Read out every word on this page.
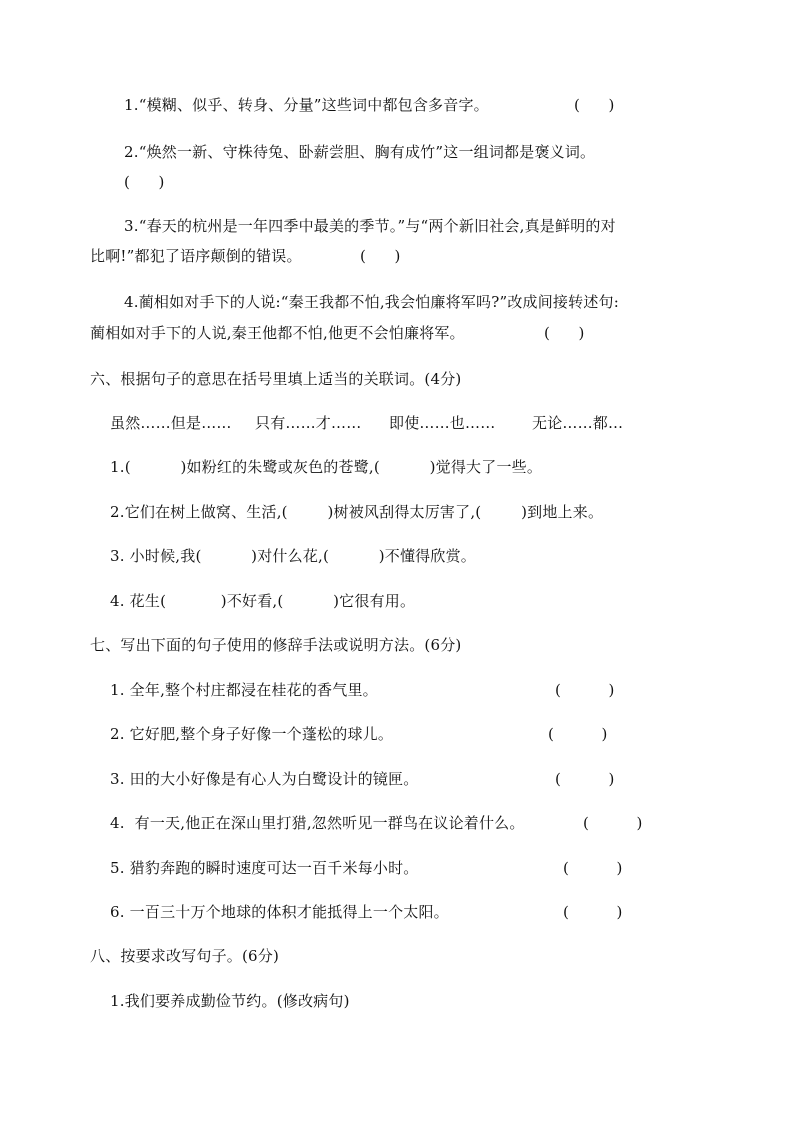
1.“模糊、似乎、转身、分量”这些词中都包含多音字。	(      )
2.“焕然一新、守株待兔、卧薪尝胆、胸有成竹”这一组词都是褒义词。
(      )
3.“春天的杭州是一年四季中最美的季节。”与“两个新旧社会,真是鲜明的对
比啊!”都犯了语序颠倒的错误。	(      )
4.蔺相如对手下的人说:“秦王我都不怕,我会怕廉将军吗?”改成间接转述句:
蔺相如对手下的人说,秦王他都不怕,他更不会怕廉将军。	(      )
六、根据句子的意思在括号里填上适当的关联词。(4分)
虽然……但是…… 只有……才…… 即使……也…… 无论……都…
1.(          )如粉红的朱鹭或灰色的苍鹭,(          )觉得大了一些。
2.它们在树上做窝、生活,(        )树被风刮得太厉害了,(        )到地上来。
3. 小时候,我(          )对什么花,(          )不懂得欣赏。
4. 花生(           )不好看,(          )它很有用。
七、写出下面的句子使用的修辞手法或说明方法。(6分)
1. 全年,整个村庄都浸在桂花的香气里。	(          )
2. 它好肥,整个身子好像一个蓬松的球儿。	(          )
3. 田的大小好像是有心人为白鹭设计的镜匣。	(          )
4.  有一天,他正在深山里打猎,忽然听见一群鸟在议论着什么。	(          )
5. 猎豹奔跑的瞬时速度可达一百千米每小时。	(          )
6. 一百三十万个地球的体积才能抵得上一个太阳。	(          )
八、按要求改写句子。(6分)
1.我们要养成勤俭节约。(修改病句)
